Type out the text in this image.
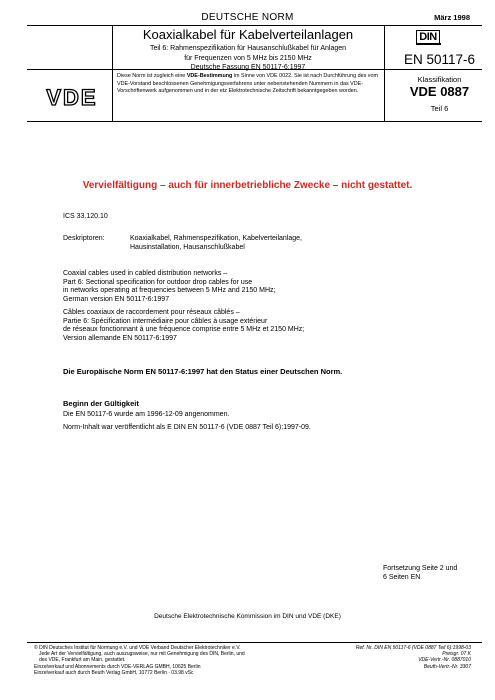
DEUTSCHE NORM	März 1998
Koaxialkabel für Kabelverteilanlagen
Teil 6: Rahmenspezifikation für Hausanschlußkabel für Anlagen
für Frequenzen von 5 MHz bis 2150 MHz
Deutsche Fassung EN 50117-6:1997
DIN
EN 50117-6
VDE
Diese Norm ist zugleich eine VDE-Bestimmung im Sinne von VDE 0022. Sie ist nach Durchführung des vom VDE-Vorstand beschlossenen Genehmigungsverfahrens unter nebenstehenden Nummern in das VDE-Vorschriftenwerk aufgenommen und in der etz Elektrotechnische Zeitschrift bekanntgegeben worden.
Klassifikation
VDE 0887
Teil 6
Vervielfältigung – auch für innerbetriebliche Zwecke – nicht gestattet.
ICS 33.120.10
Deskriptoren:	Koaxialkabel, Rahmenspezifikation, Kabelverteilanlage,
Hausinstallation, Hausanschlußkabel
Coaxial cables used in cabled distribution networks –
Part 6: Sectional specification for outdoor drop cables for use
in networks operating at frequencies between 5 MHz and 2150 MHz;
German version EN 50117-6:1997
Câbles coaxiaux de raccordement pour réseaux câblés –
Partie 6: Spécification intermédiaire pour câbles à usage extérieur
de réseaux fonctionnant à une fréquence comprise entre 5 MHz et 2150 MHz;
Version allemande EN 50117-6:1997
Die Europäische Norm EN 50117-6:1997 hat den Status einer Deutschen Norm.
Beginn der Gültigkeit
Die EN 50117-6 wurde am 1996-12-09 angenommen.
Norm-Inhalt war veröffentlicht als E DIN EN 50117-6 (VDE 0887 Teil 6):1997-09.
Fortsetzung Seite 2 und
6 Seiten EN
Deutsche Elektrotechnische Kommission im DIN und VDE (DKE)
© DIN Deutsches Institut für Normung e.V. und VDE Verband Deutscher Elektrotechniker e.V.
Jede Art der Vervielfältigung, auch auszugsweise, nur mit Genehmigung des DIN, Berlin, und
des VDE, Frankfurt am Main, gestattet.
Einzelverkauf und Abonnements durch VDE-VERLAG GMBH, 10625 Berlin
Einzelverkauf auch durch Beuth Verlag GmbH, 10772 Berlin · 03.98 vSc
Ref. Nr. DIN EN 50117-6 (VDE 0887 Teil 6):1998-03
Preisgr. 07 K
VDE-Vertr.-Nr. 0887010
Beuth-Vertr.-Nr. 3307
